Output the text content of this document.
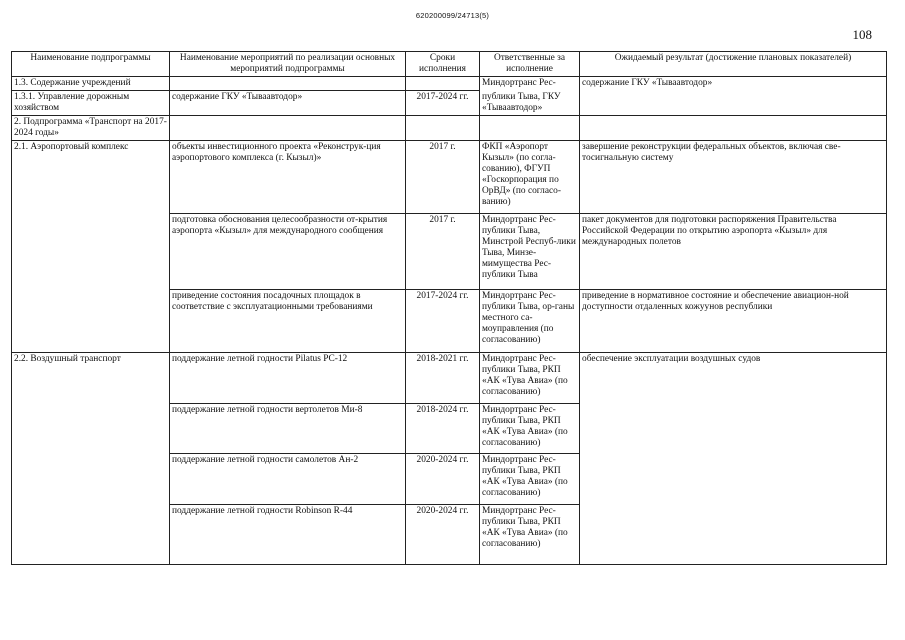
620200099/24713(5)
108
Наименование подпрограммы	Наименование мероприятий по реализации основных мероприятий подпрограммы	Сроки исполнения	Ответственные за исполнение	Ожидаемый результат (достижение плановых показателей)
1.3. Содержание учреждений			Миндортранс Рес-	содержание ГКУ «Тываавтодор»
1.3.1. Управление дорожным хозяйством	содержание ГКУ «Тываавтодор»	2017-2024 гг.	публики Тыва, ГКУ «Тываавтодор»	
2. Подпрограмма «Транспорт на 2017-2024 годы»				
2.1. Аэропортовый комплекс	объекты инвестиционного проекта «Реконструк-ция аэропортового комплекса (г. Кызыл)»	2017 г.	ФКП «Аэропорт Кызыл» (по согла-сованию), ФГУП «Госкорпорация по ОрВД» (по согласо-ванию)	завершение реконструкции федеральных объектов, включая све-тосигнальную систему
	подготовка обоснования целесообразности от-крытия аэропорта «Кызыл» для международного сообщения	2017 г.	Миндортранс Рес-публики Тыва, Минстрой Респуб-лики Тыва, Минзе-мимущества Рес-публики Тыва	пакет документов для подготовки распоряжения Правительства Российской Федерации по открытию аэропорта «Кызыл» для международных полетов
	приведение состояния посадочных площадок в соответствие с эксплуатационными требованиями	2017-2024 гг.	Миндортранс Рес-публики Тыва, ор-ганы местного са-моуправления (по согласованию)	приведение в нормативное состояние и обеспечение авиацион-ной доступности отдаленных кожуунов республики
2.2. Воздушный транспорт	поддержание летной годности Pilatus PC-12	2018-2021 гг.	Миндортранс Рес-публики Тыва, РКП «АК «Тува Авиа» (по согласованию)	обеспечение эксплуатации воздушных судов
	поддержание летной годности вертолетов Ми-8	2018-2024 гг.	Миндортранс Рес-публики Тыва, РКП «АК «Тува Авиа» (по согласованию)	
	поддержание летной годности самолетов Ан-2	2020-2024 гг.	Миндортранс Рес-публики Тыва, РКП «АК «Тува Авиа» (по согласованию)	
	поддержание летной годности Robinson R-44	2020-2024 гг.	Миндортранс Рес-публики Тыва, РКП «АК «Тува Авиа» (по согласованию)	
